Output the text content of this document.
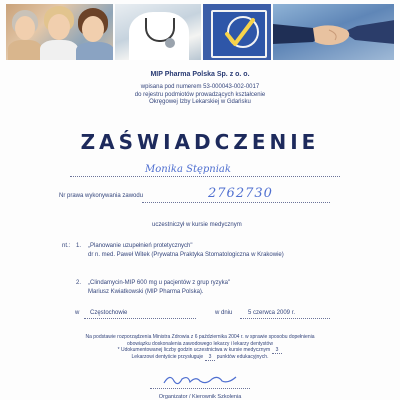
MIP Pharma Polska Sp. z o. o.
wpisana pod numerem 53-000043-002-0017
do rejestru podmiotów prowadzących kształcenie
Okręgowej Izby Lekarskiej w Gdańsku
ZAŚWIADCZENIE
Monika Stępniak
Nr prawa wykonywania zawodu	2762730
uczestniczył w kursie medycznym
nt.: 1. „Planowanie uzupełnień protetycznych"
dr n. med. Paweł Witek (Prywatna Praktyka Stomatologiczna w Krakowie)
2. „Clindamycin-MIP 600 mg u pacjentów z grup ryzyka"
Mariusz Kwiatkowski (MIP Pharma Polska).
w Częstochowie	w dniu	5 czerwca 2009 r.
Na podstawie rozporządzenia Ministra Zdrowia z 6 października 2004 r. w sprawie sposobu dopełnienia
obowiązku doskonalenia zawodowego lekarzy i lekarzy dentystów
* Udokumentowanej liczby godzin uczestnictwa w kursie medycznym 3
Lekarzowi dentyście przysługuje 3 punktów edukacyjnych.
Organizator / Kierownik Szkolenia
